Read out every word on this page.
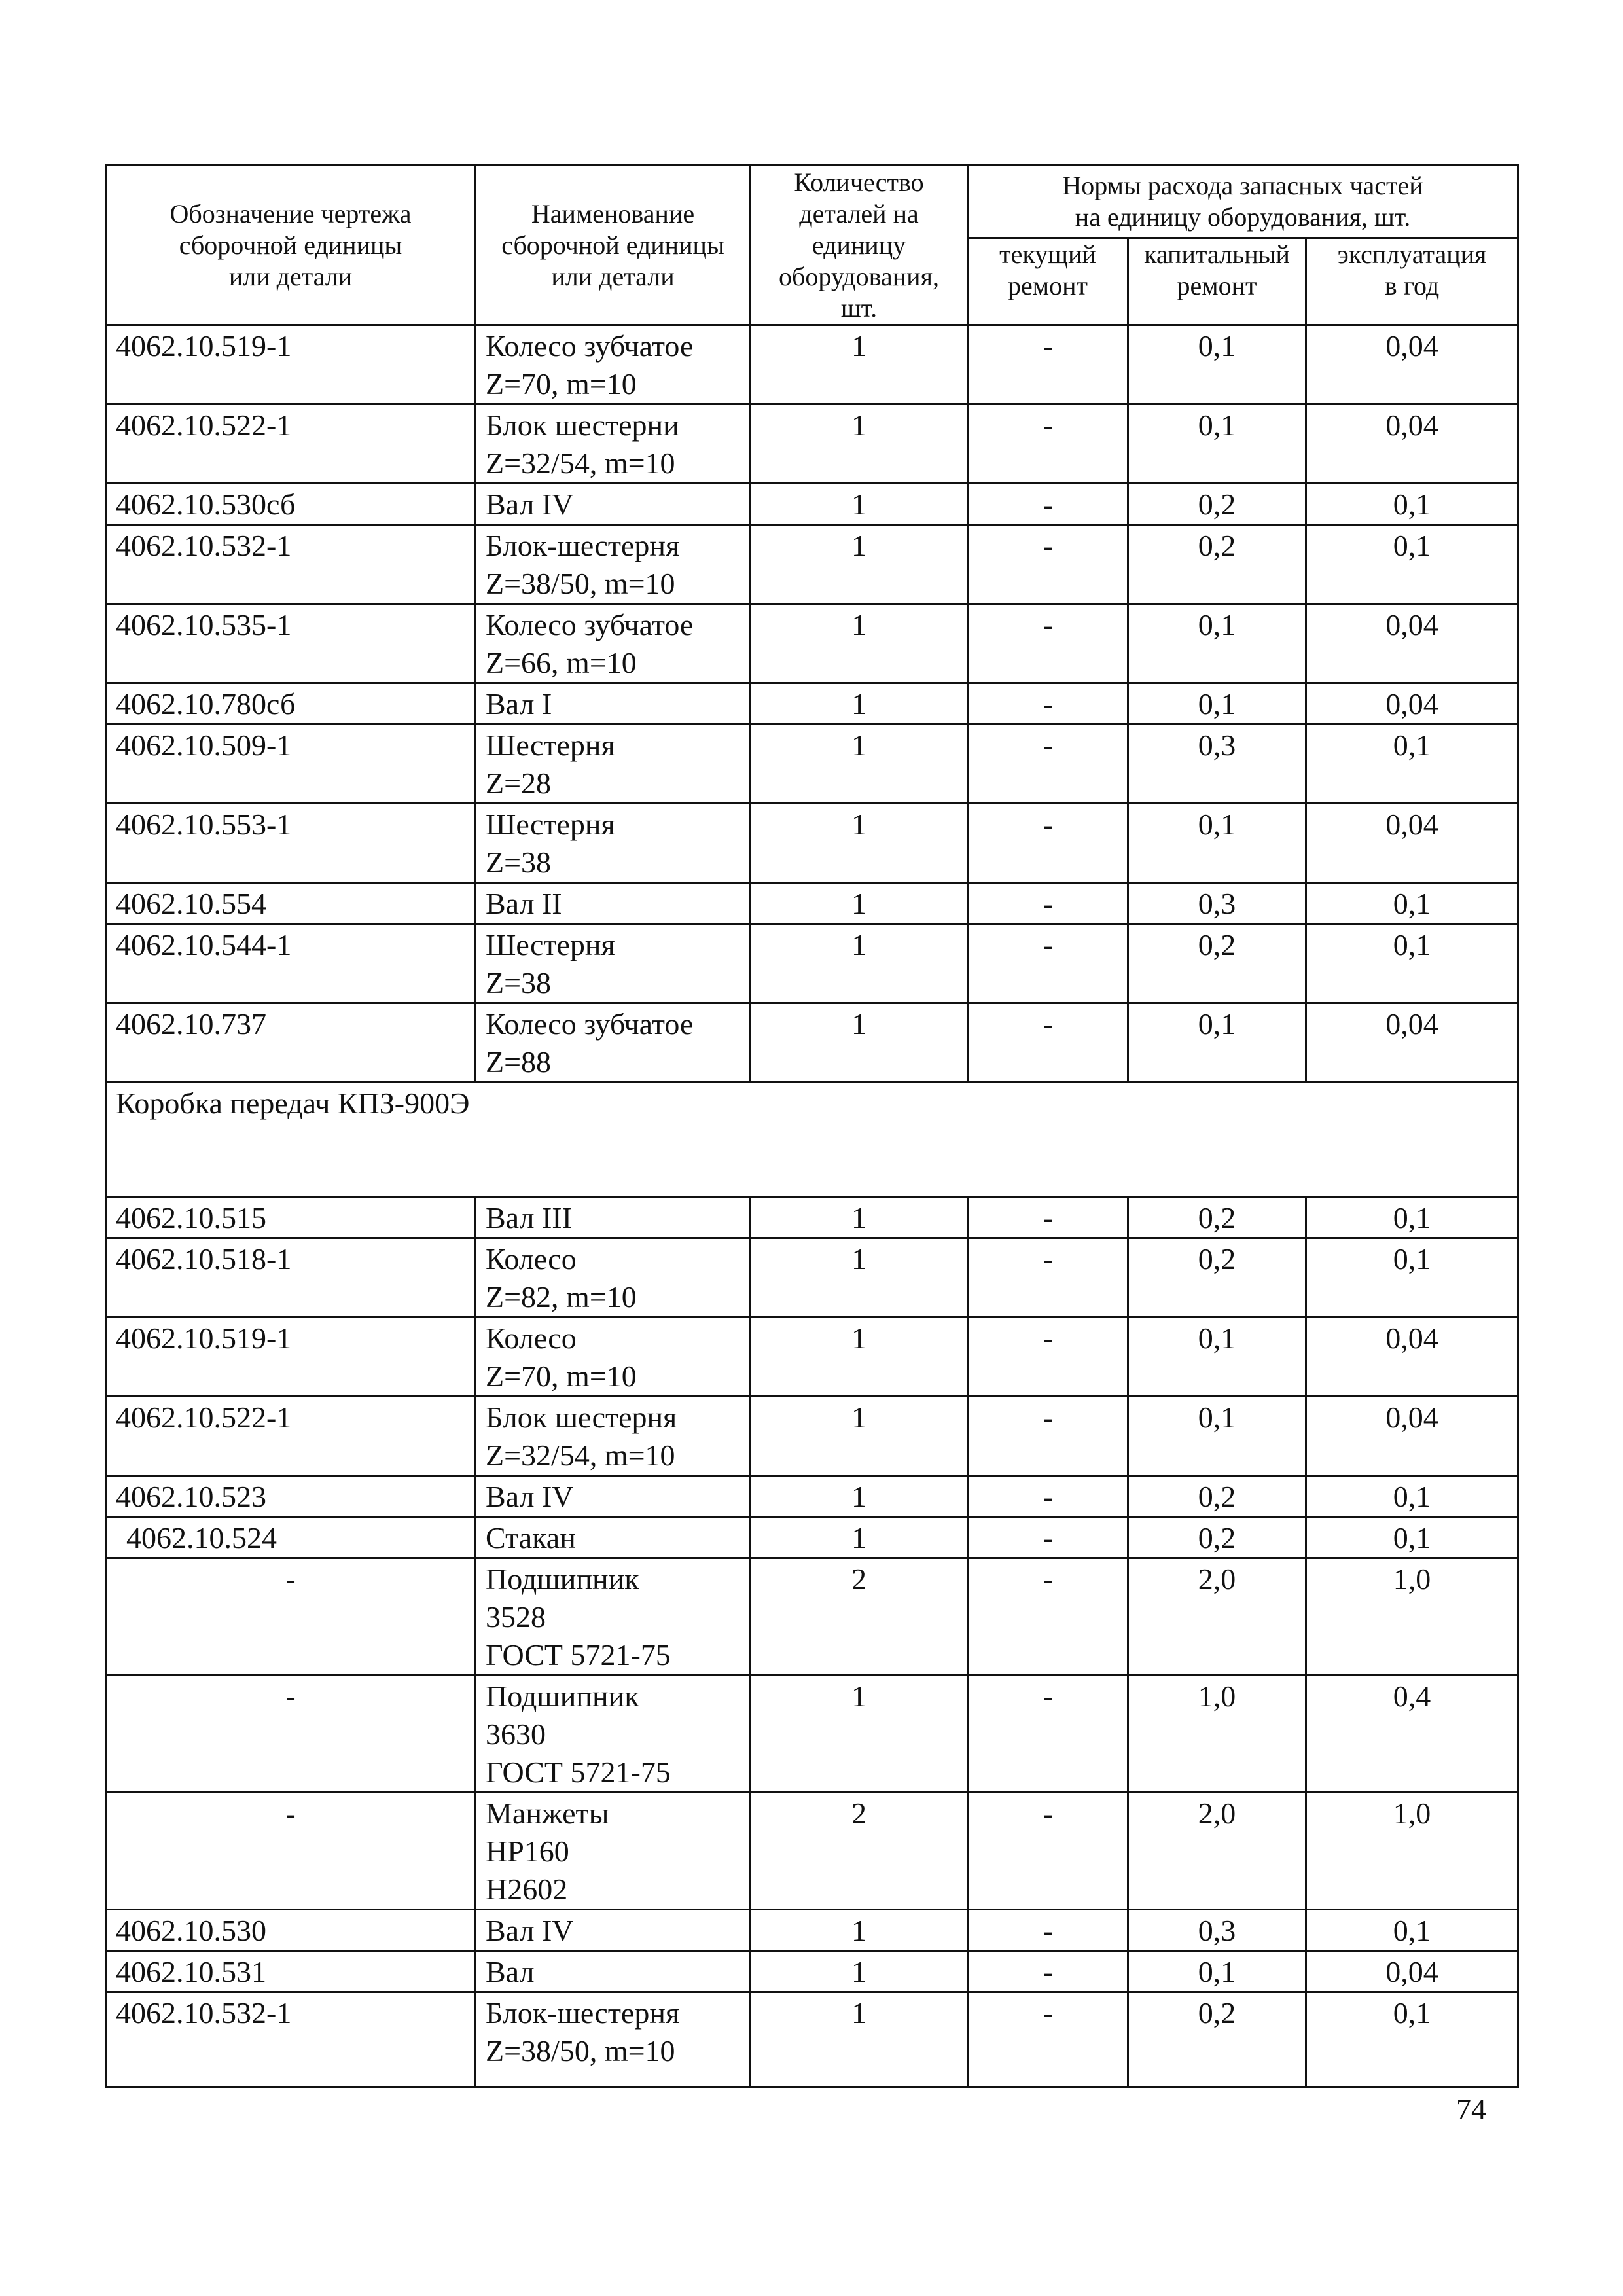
Обозначение чертежа
сборочной единицы
или детали	Наименование
сборочной единицы
или детали	Количество
деталей на
единицу
оборудования,
шт.	Нормы расхода запасных частей
на единицу оборудования, шт.		
			текущий
ремонт	капитальный
ремонт	эксплуатация
в год
4062.10.519-1	Колесо зубчатое
Z=70, m=10	1	-	0,1	0,04
4062.10.522-1	Блок шестерни
Z=32/54, m=10	1	-	0,1	0,04
4062.10.530сб	Вал IV	1	-	0,2	0,1
4062.10.532-1	Блок-шестерня
Z=38/50, m=10	1	-	0,2	0,1
4062.10.535-1	Колесо зубчатое
Z=66, m=10	1	-	0,1	0,04
4062.10.780сб	Вал I	1	-	0,1	0,04
4062.10.509-1	Шестерня
Z=28	1	-	0,3	0,1
4062.10.553-1	Шестерня
Z=38	1	-	0,1	0,04
4062.10.554	Вал II	1	-	0,3	0,1
4062.10.544-1	Шестерня
Z=38	1	-	0,2	0,1
4062.10.737	Колесо зубчатое
Z=88	1	-	0,1	0,04
Коробка передач КПЗ-900Э					
4062.10.515	Вал III	1	-	0,2	0,1
4062.10.518-1	Колесо
Z=82, m=10	1	-	0,2	0,1
4062.10.519-1	Колесо
Z=70, m=10	1	-	0,1	0,04
4062.10.522-1	Блок шестерня
Z=32/54, m=10	1	-	0,1	0,04
4062.10.523	Вал IV	1	-	0,2	0,1
4062.10.524	Стакан	1	-	0,2	0,1
-	Подшипник
3528
ГОСТ 5721-75	2	-	2,0	1,0
-	Подшипник
3630
ГОСТ 5721-75	1	-	1,0	0,4
-	Манжеты
НР160
Н2602	2	-	2,0	1,0
4062.10.530	Вал IV	1	-	0,3	0,1
4062.10.531	Вал	1	-	0,1	0,04
4062.10.532-1	Блок-шестерня
Z=38/50, m=10	1	-	0,2	0,1
74
